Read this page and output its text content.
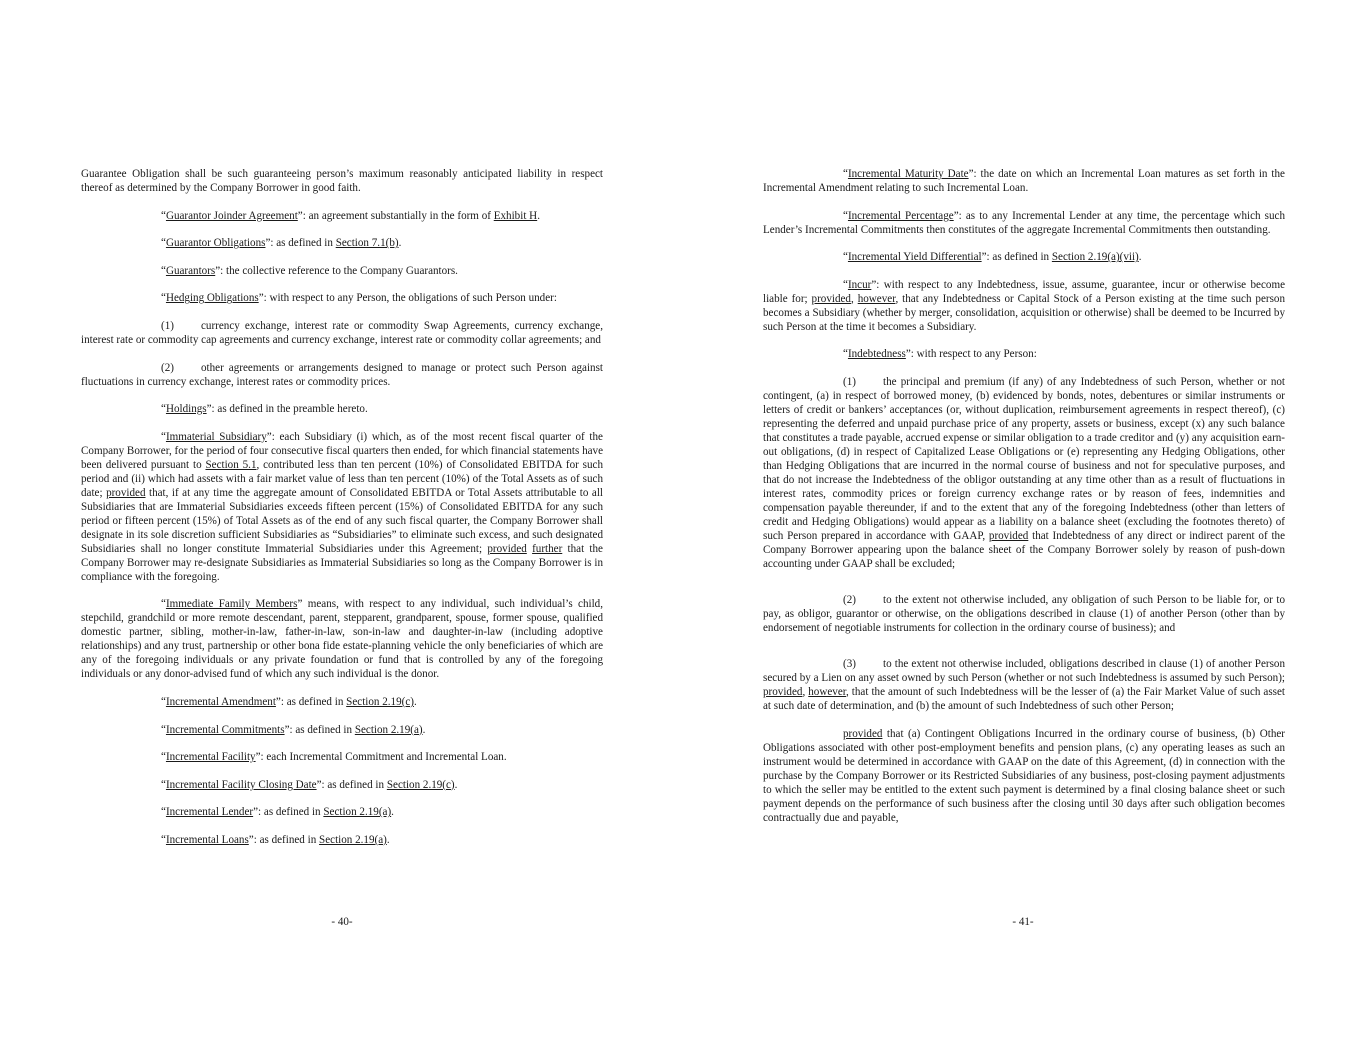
Guarantee Obligation shall be such guaranteeing person’s maximum reasonably anticipated liability in respect thereof as determined by the Company Borrower in good faith.

“Guarantor Joinder Agreement”: an agreement substantially in the form of Exhibit H.

“Guarantor Obligations”: as defined in Section 7.1(b).

“Guarantors”: the collective reference to the Company Guarantors.

“Hedging Obligations”: with respect to any Person, the obligations of such Person under:

(1) currency exchange, interest rate or commodity Swap Agreements, currency exchange, interest rate or commodity cap agreements and currency exchange, interest rate or commodity collar agreements; and

(2) other agreements or arrangements designed to manage or protect such Person against fluctuations in currency exchange, interest rates or commodity prices.

“Holdings”: as defined in the preamble hereto.

“Immaterial Subsidiary”: each Subsidiary (i) which, as of the most recent fiscal quarter of the Company Borrower, for the period of four consecutive fiscal quarters then ended, for which financial statements have been delivered pursuant to Section 5.1, contributed less than ten percent (10%) of Consolidated EBITDA for such period and (ii) which had assets with a fair market value of less than ten percent (10%) of the Total Assets as of such date; provided that, if at any time the aggregate amount of Consolidated EBITDA or Total Assets attributable to all Subsidiaries that are Immaterial Subsidiaries exceeds fifteen percent (15%) of Consolidated EBITDA for any such period or fifteen percent (15%) of Total Assets as of the end of any such fiscal quarter, the Company Borrower shall designate in its sole discretion sufficient Subsidiaries as “Subsidiaries” to eliminate such excess, and such designated Subsidiaries shall no longer constitute Immaterial Subsidiaries under this Agreement; provided further that the Company Borrower may re-designate Subsidiaries as Immaterial Subsidiaries so long as the Company Borrower is in compliance with the foregoing.

“Immediate Family Members” means, with respect to any individual, such individual’s child, stepchild, grandchild or more remote descendant, parent, stepparent, grandparent, spouse, former spouse, qualified domestic partner, sibling, mother-in-law, father-in-law, son-in-law and daughter-in-law (including adoptive relationships) and any trust, partnership or other bona fide estate-planning vehicle the only beneficiaries of which are any of the foregoing individuals or any private foundation or fund that is controlled by any of the foregoing individuals or any donor-advised fund of which any such individual is the donor.

“Incremental Amendment”: as defined in Section 2.19(c).

“Incremental Commitments”: as defined in Section 2.19(a).

“Incremental Facility”: each Incremental Commitment and Incremental Loan.

“Incremental Facility Closing Date”: as defined in Section 2.19(c).

“Incremental Lender”: as defined in Section 2.19(a).

“Incremental Loans”: as defined in Section 2.19(a).

- 40-

“Incremental Maturity Date”: the date on which an Incremental Loan matures as set forth in the Incremental Amendment relating to such Incremental Loan.

“Incremental Percentage”: as to any Incremental Lender at any time, the percentage which such Lender’s Incremental Commitments then constitutes of the aggregate Incremental Commitments then outstanding.

“Incremental Yield Differential”: as defined in Section 2.19(a)(vii).

“Incur”: with respect to any Indebtedness, issue, assume, guarantee, incur or otherwise become liable for; provided, however, that any Indebtedness or Capital Stock of a Person existing at the time such person becomes a Subsidiary (whether by merger, consolidation, acquisition or otherwise) shall be deemed to be Incurred by such Person at the time it becomes a Subsidiary.

“Indebtedness”: with respect to any Person:

(1) the principal and premium (if any) of any Indebtedness of such Person, whether or not contingent, (a) in respect of borrowed money, (b) evidenced by bonds, notes, debentures or similar instruments or letters of credit or bankers’ acceptances (or, without duplication, reimbursement agreements in respect thereof), (c) representing the deferred and unpaid purchase price of any property, assets or business, except (x) any such balance that constitutes a trade payable, accrued expense or similar obligation to a trade creditor and (y) any acquisition earn-out obligations, (d) in respect of Capitalized Lease Obligations or (e) representing any Hedging Obligations, other than Hedging Obligations that are incurred in the normal course of business and not for speculative purposes, and that do not increase the Indebtedness of the obligor outstanding at any time other than as a result of fluctuations in interest rates, commodity prices or foreign currency exchange rates or by reason of fees, indemnities and compensation payable thereunder, if and to the extent that any of the foregoing Indebtedness (other than letters of credit and Hedging Obligations) would appear as a liability on a balance sheet (excluding the footnotes thereto) of such Person prepared in accordance with GAAP, provided that Indebtedness of any direct or indirect parent of the Company Borrower appearing upon the balance sheet of the Company Borrower solely by reason of push-down accounting under GAAP shall be excluded;

(2) to the extent not otherwise included, any obligation of such Person to be liable for, or to pay, as obligor, guarantor or otherwise, on the obligations described in clause (1) of another Person (other than by endorsement of negotiable instruments for collection in the ordinary course of business); and

(3) to the extent not otherwise included, obligations described in clause (1) of another Person secured by a Lien on any asset owned by such Person (whether or not such Indebtedness is assumed by such Person); provided, however, that the amount of such Indebtedness will be the lesser of (a) the Fair Market Value of such asset at such date of determination, and (b) the amount of such Indebtedness of such other Person;

provided that (a) Contingent Obligations Incurred in the ordinary course of business, (b) Other Obligations associated with other post-employment benefits and pension plans, (c) any operating leases as such an instrument would be determined in accordance with GAAP on the date of this Agreement, (d) in connection with the purchase by the Company Borrower or its Restricted Subsidiaries of any business, post-closing payment adjustments to which the seller may be entitled to the extent such payment is determined by a final closing balance sheet or such payment depends on the performance of such business after the closing until 30 days after such obligation becomes contractually due and payable,

- 41-
